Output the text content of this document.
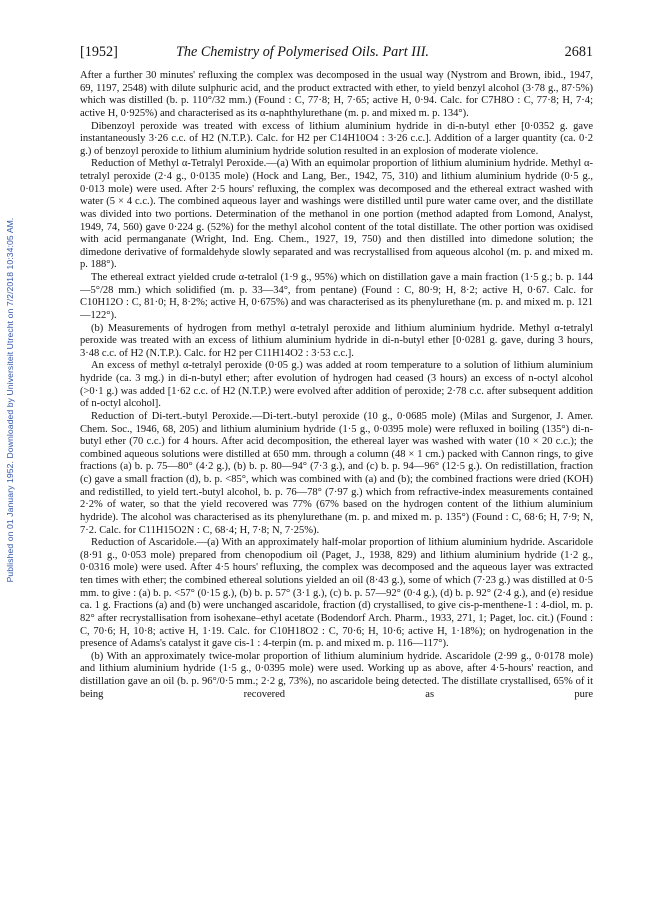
Published on 01 January 1952. Downloaded by Universiteit Utrecht on 7/2/2018 10:34:05 AM.
[1952]	The Chemistry of Polymerised Oils. Part III.	2681

After a further 30 minutes' refluxing the complex was decomposed in the usual way (Nystrom and Brown, ibid., 1947, 69, 1197, 2548) with dilute sulphuric acid, and the product extracted with ether, to yield benzyl alcohol (3·78 g., 87·5%) which was distilled (b. p. 110°/32 mm.) (Found : C, 77·8; H, 7·65; active H, 0·94. Calc. for C7H8O : C, 77·8; H, 7·4; active H, 0·925%) and characterised as its α-naphthylurethane (m. p. and mixed m. p. 134°).

Dibenzoyl peroxide was treated with excess of lithium aluminium hydride in di-n-butyl ether [0·0352 g. gave instantaneously 3·26 c.c. of H2 (N.T.P.). Calc. for H2 per C14H10O4 : 3·26 c.c.]. Addition of a larger quantity (ca. 0·2 g.) of benzoyl peroxide to lithium aluminium hydride solution resulted in an explosion of moderate violence.

Reduction of Methyl α-Tetralyl Peroxide.—(a) With an equimolar proportion of lithium aluminium hydride. Methyl α-tetralyl peroxide (2·4 g., 0·0135 mole) (Hock and Lang, Ber., 1942, 75, 310) and lithium aluminium hydride (0·5 g., 0·013 mole) were used. After 2·5 hours' refluxing, the complex was decomposed and the ethereal extract washed with water (5 × 4 c.c.). The combined aqueous layer and washings were distilled until pure water came over, and the distillate was divided into two portions. Determination of the methanol in one portion (method adapted from Lomond, Analyst, 1949, 74, 560) gave 0·224 g. (52%) for the methyl alcohol content of the total distillate. The other portion was oxidised with acid permanganate (Wright, Ind. Eng. Chem., 1927, 19, 750) and then distilled into dimedone solution; the dimedone derivative of formaldehyde slowly separated and was recrystallised from aqueous alcohol (m. p. and mixed m. p. 188°).

The ethereal extract yielded crude α-tetralol (1·9 g., 95%) which on distillation gave a main fraction (1·5 g.; b. p. 144—5°/28 mm.) which solidified (m. p. 33—34°, from pentane) (Found : C, 80·9; H, 8·2; active H, 0·67. Calc. for C10H12O : C, 81·0; H, 8·2%; active H, 0·675%) and was characterised as its phenylurethane (m. p. and mixed m. p. 121—122°).

(b) Measurements of hydrogen from methyl α-tetralyl peroxide and lithium aluminium hydride. Methyl α-tetralyl peroxide was treated with an excess of lithium aluminium hydride in di-n-butyl ether [0·0281 g. gave, during 3 hours, 3·48 c.c. of H2 (N.T.P.). Calc. for H2 per C11H14O2 : 3·53 c.c.].

An excess of methyl α-tetralyl peroxide (0·05 g.) was added at room temperature to a solution of lithium aluminium hydride (ca. 3 mg.) in di-n-butyl ether; after evolution of hydrogen had ceased (3 hours) an excess of n-octyl alcohol (>0·1 g.) was added [1·62 c.c. of H2 (N.T.P.) were evolved after addition of peroxide; 2·78 c.c. after subsequent addition of n-octyl alcohol].

Reduction of Di-tert.-butyl Peroxide.—Di-tert.-butyl peroxide (10 g., 0·0685 mole) (Milas and Surgenor, J. Amer. Chem. Soc., 1946, 68, 205) and lithium aluminium hydride (1·5 g., 0·0395 mole) were refluxed in boiling (135°) di-n-butyl ether (70 c.c.) for 4 hours. After acid decomposition, the ethereal layer was washed with water (10 × 20 c.c.); the combined aqueous solutions were distilled at 650 mm. through a column (48 × 1 cm.) packed with Cannon rings, to give fractions (a) b. p. 75—80° (4·2 g.), (b) b. p. 80—94° (7·3 g.), and (c) b. p. 94—96° (12·5 g.). On redistillation, fraction (c) gave a small fraction (d), b. p. <85°, which was combined with (a) and (b); the combined fractions were dried (KOH) and redistilled, to yield tert.-butyl alcohol, b. p. 76—78° (7·97 g.) which from refractive-index measurements contained 2·2% of water, so that the yield recovered was 77% (67% based on the hydrogen content of the lithium aluminium hydride). The alcohol was characterised as its phenylurethane (m. p. and mixed m. p. 135°) (Found : C, 68·6; H, 7·9; N, 7·2. Calc. for C11H15O2N : C, 68·4; H, 7·8; N, 7·25%).

Reduction of Ascaridole.—(a) With an approximately half-molar proportion of lithium aluminium hydride. Ascaridole (8·91 g., 0·053 mole) prepared from chenopodium oil (Paget, J., 1938, 829) and lithium aluminium hydride (1·2 g., 0·0316 mole) were used. After 4·5 hours' refluxing, the complex was decomposed and the aqueous layer was extracted ten times with ether; the combined ethereal solutions yielded an oil (8·43 g.), some of which (7·23 g.) was distilled at 0·5 mm. to give : (a) b. p. <57° (0·15 g.), (b) b. p. 57° (3·1 g.), (c) b. p. 57—92° (0·4 g.), (d) b. p. 92° (2·4 g.), and (e) residue ca. 1 g. Fractions (a) and (b) were unchanged ascaridole, fraction (d) crystallised, to give cis-p-menthene-1 : 4-diol, m. p. 82° after recrystallisation from isohexane–ethyl acetate (Bodendorf Arch. Pharm., 1933, 271, 1; Paget, loc. cit.) (Found : C, 70·6; H, 10·8; active H, 1·19. Calc. for C10H18O2 : C, 70·6; H, 10·6; active H, 1·18%); on hydrogenation in the presence of Adams's catalyst it gave cis-1 : 4-terpin (m. p. and mixed m. p. 116—117°).

(b) With an approximately twice-molar proportion of lithium aluminium hydride. Ascaridole (2·99 g., 0·0178 mole) and lithium aluminium hydride (1·5 g., 0·0395 mole) were used. Working up as above, after 4·5-hours' reaction, and distillation gave an oil (b. p. 96°/0·5 mm.; 2·2 g, 73%), no ascaridole being detected. The distillate crystallised, 65% of it being recovered as pure
